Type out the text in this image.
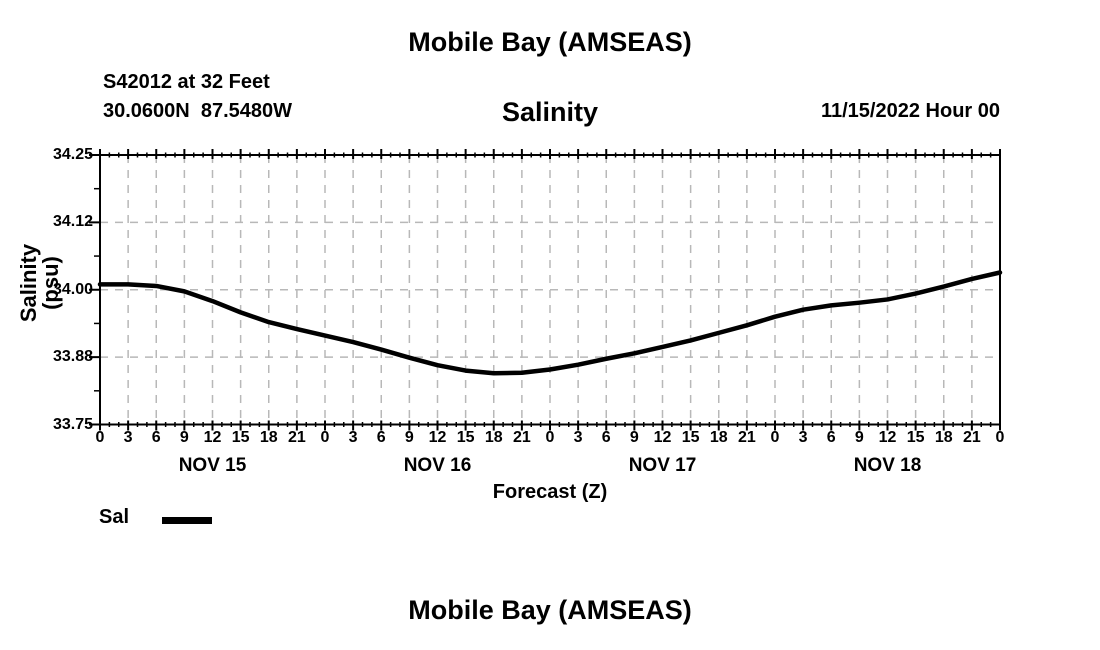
Mobile Bay (AMSEAS)
S42012 at 32 Feet
30.0600N  87.5480W	Salinity	11/15/2022 Hour 00
Salinity (psu)
34.25
34.12
34.00
33.88
33.75
0	3	6	9 12 15 18 21 0	3	6	9 12 15 18 21 0	3	6	9 12 15 18 21 0	3	6	9 12 15 18 21 0
NOV 15	NOV 16	NOV 17	NOV 18
Forecast (Z)
Sal
Mobile Bay (AMSEAS)
